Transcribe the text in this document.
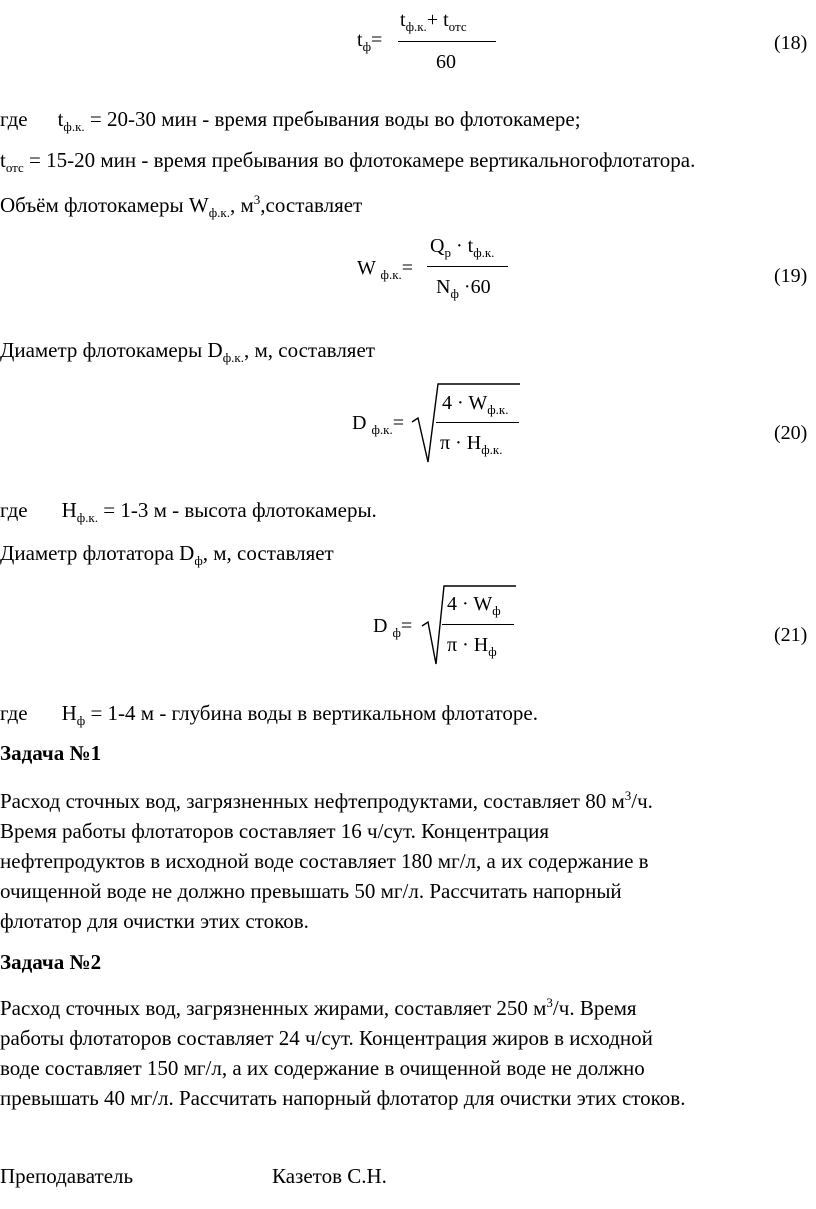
$t_ф=$
$t_{ф.к.}+ t_{отс}$
60
(18)
где $t_{ф.к.} = 20-30$ мин - время пребывания воды во флотокамере;
$t_{отс} = 15-20$ мин - время пребывания во флотокамере вертикальногофлотатора.
Объём флотокамеры $W_{ф.к.}$, $м^3,составляет$
W $_{ф.к.}$=
$Q_р \cdot t_{ф.к.}$
$N_ф \cdot 60$	(19)
Диаметр флотокамеры $D_{ф.к.}$, м, составляет
D $_{ф.к.}$=
$4 \cdot W_{ф.к.}$
$\pi \cdot H_{ф.к.}$
(20)
где $H_{ф.к.} = 1-3$ м - высота флотокамеры.
Диаметр флотатора $D_ф$, м, составляет
D $_ф$=
$4 \cdot W_ф$
$\pi \cdot H_ф$
(21)
где $H_ф = 1-4$ м - глубина воды в вертикальном флотаторе.
Задача №1
Расход сточных вод, загрязненных нефтепродуктами, составляет 80 $м^3/ч$.
Время работы флотаторов составляет 16 ч/сут. Концентрация
нефтепродуктов в исходной воде составляет 180 мг/л, а их содержание в
очищенной воде не должно превышать 50 мг/л. Рассчитать напорный
флотатор для очистки этих стоков.
Задача №2
Расход сточных вод, загрязненных жирами, составляет 250 $м^3/ч$. Время
работы флотаторов составляет 24 ч/сут. Концентрация жиров в исходной
воде составляет 150 мг/л, а их содержание в очищенной воде не должно
превышать 40 мг/л. Рассчитать напорный флотатор для очистки этих стоков.
Преподаватель	Казетов С.Н.
